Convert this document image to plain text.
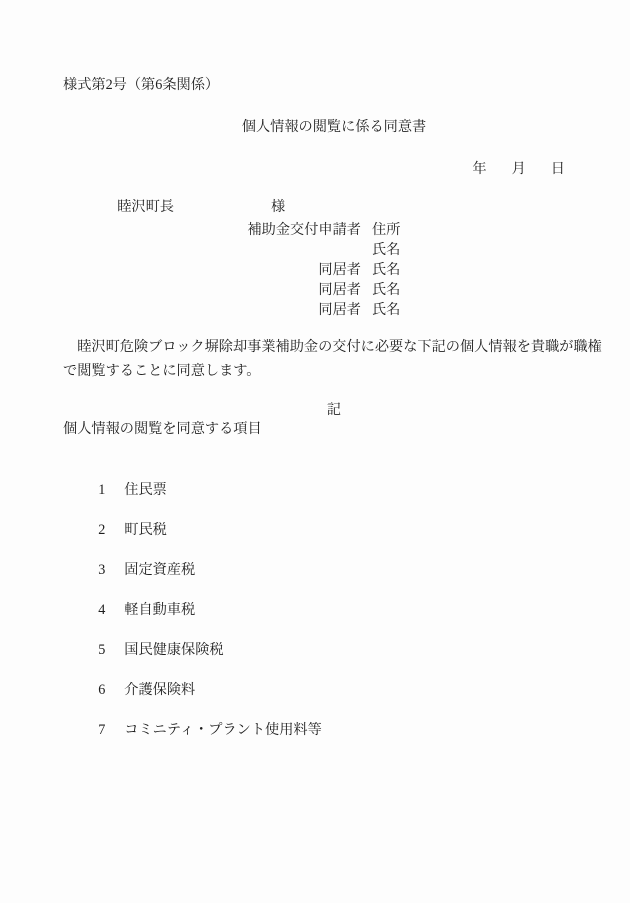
様式第2号（第6条関係）
個人情報の閲覧に係る同意書

年 月 日

睦沢町長	様

補助金交付申請者 住所
氏名
同居者 氏名
同居者 氏名
同居者 氏名
　睦沢町危険ブロック塀除却事業補助金の交付に必要な下記の個人情報を貴職が職権で閲覧することに同意します。
記
個人情報の閲覧を同意する項目

1 住民票

2 町民税

3 固定資産税

4 軽自動車税

5 国民健康保険税

6 介護保険料

7 コミニティ・プラント使用料等
